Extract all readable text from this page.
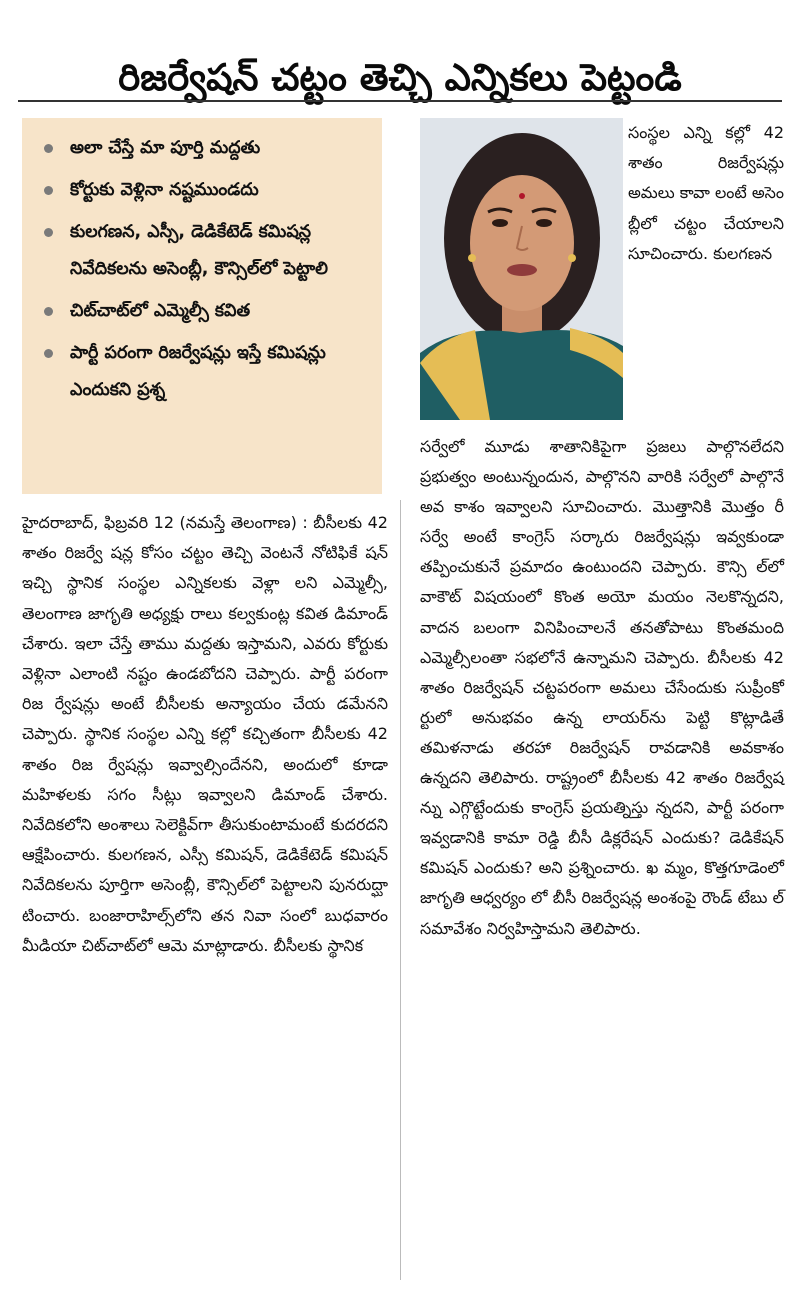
రిజర్వేషన్ చట్టం తెచ్చి ఎన్నికలు పెట్టండి
అలా చేస్తే మా పూర్తి మద్దతు
కోర్టుకు వెళ్లినా నష్టముండదు
కులగణన, ఎస్సీ, డెడికేటెడ్ కమిషన్ల నివేదికలను అసెంబ్లీ, కౌన్సిల్‌లో పెట్టాలి
చిట్‌చాట్‌లో ఎమ్మెల్సీ కవిత
పార్టీ పరంగా రిజర్వేషన్లు ఇస్తే కమిషన్లు ఎందుకని ప్రశ్న

సంస్థల ఎన్ని కల్లో 42 శాతం రిజర్వేషన్లు అమలు కావా లంటే అసెం బ్లీలో చట్టం చేయాలని సూచించారు. కులగణన

సర్వేలో మూడు శాతానికిపైగా ప్రజలు పాల్గొనలేదని ప్రభుత్వం అంటున్నందున, పాల్గొనని వారికి సర్వేలో పాల్గొనే అవ కాశం ఇవ్వాలని సూచించారు. మొత్తానికి మొత్తం రీ సర్వే అంటే కాంగ్రెస్ సర్కారు రిజర్వేషన్లు ఇవ్వకుండా తప్పించుకునే ప్రమాదం ఉంటుందని చెప్పారు. కౌన్సి ల్‌లో వాకౌట్ విషయంలో కొంత అయో మయం నెలకొన్నదని, వాదన బలంగా వినిపించాలనే తనతోపాటు కొంతమంది ఎమ్మెల్సీలంతా సభలోనే ఉన్నామని చెప్పారు. బీసీలకు 42 శాతం రిజర్వేషన్ చట్టపరంగా అమలు చేసేందుకు సుప్రీంకో ర్టులో అనుభవం ఉన్న లాయర్‌ను పెట్టి కొట్లాడితే తమిళనాడు తరహా రిజర్వేషన్ రావడానికి అవకాశం ఉన్నదని తెలిపారు. రాష్ట్రంలో బీసీలకు 42 శాతం రిజర్వేష న్ను ఎగ్గొట్టేందుకు కాంగ్రెస్ ప్రయత్నిస్తు న్నదని, పార్టీ పరంగా ఇవ్వడానికి కామా రెడ్డి బీసీ డిక్లరేషన్ ఎందుకు? డెడికేషన్ కమిషన్ ఎందుకు? అని ప్రశ్నించారు. ఖ మ్మం, కొత్తగూడెంలో జాగృతి ఆధ్వర్యం లో బీసీ రిజర్వేషన్ల అంశంపై రౌండ్ టేబు ల్ సమావేశం నిర్వహిస్తామని తెలిపారు.

హైదరాబాద్, ఫిబ్రవరి 12 (నమస్తే తెలంగాణ) : బీసీలకు 42 శాతం రిజర్వే షన్ల కోసం చట్టం తెచ్చి వెంటనే నోటిఫికే షన్ ఇచ్చి స్థానిక సంస్థల ఎన్నికలకు వెళ్లా లని ఎమ్మెల్సీ, తెలంగాణ జాగృతి అధ్యక్షు రాలు కల్వకుంట్ల కవిత డిమాండ్ చేశారు. ఇలా చేస్తే తాము మద్దతు ఇస్తామని, ఎవరు కోర్టుకు వెళ్లినా ఎలాంటి నష్టం ఉండబోదని చెప్పారు. పార్టీ పరంగా రిజ ర్వేషన్లు అంటే బీసీలకు అన్యాయం చేయ డమేనని చెప్పారు. స్థానిక సంస్థల ఎన్ని కల్లో కచ్చితంగా బీసీలకు 42 శాతం రిజ ర్వేషన్లు ఇవ్వాల్సిందేనని, అందులో కూడా మహిళలకు సగం సీట్లు ఇవ్వాలని డిమాండ్ చేశారు. నివేదికలోని అంశాలు సెలెక్టివ్‌గా తీసుకుంటామంటే కుదరదని ఆక్షేపించారు. కులగణన, ఎస్సీ కమిషన్, డెడికేటెడ్ కమిషన్ నివేదికలను పూర్తిగా అసెంబ్లీ, కౌన్సిల్‌లో పెట్టాలని పునరుద్ఘా టించారు. బంజారాహిల్స్‌లోని తన నివా సంలో బుధవారం మీడియా చిట్‌చాట్‌లో ఆమె మాట్లాడారు. బీసీలకు స్థానిక
